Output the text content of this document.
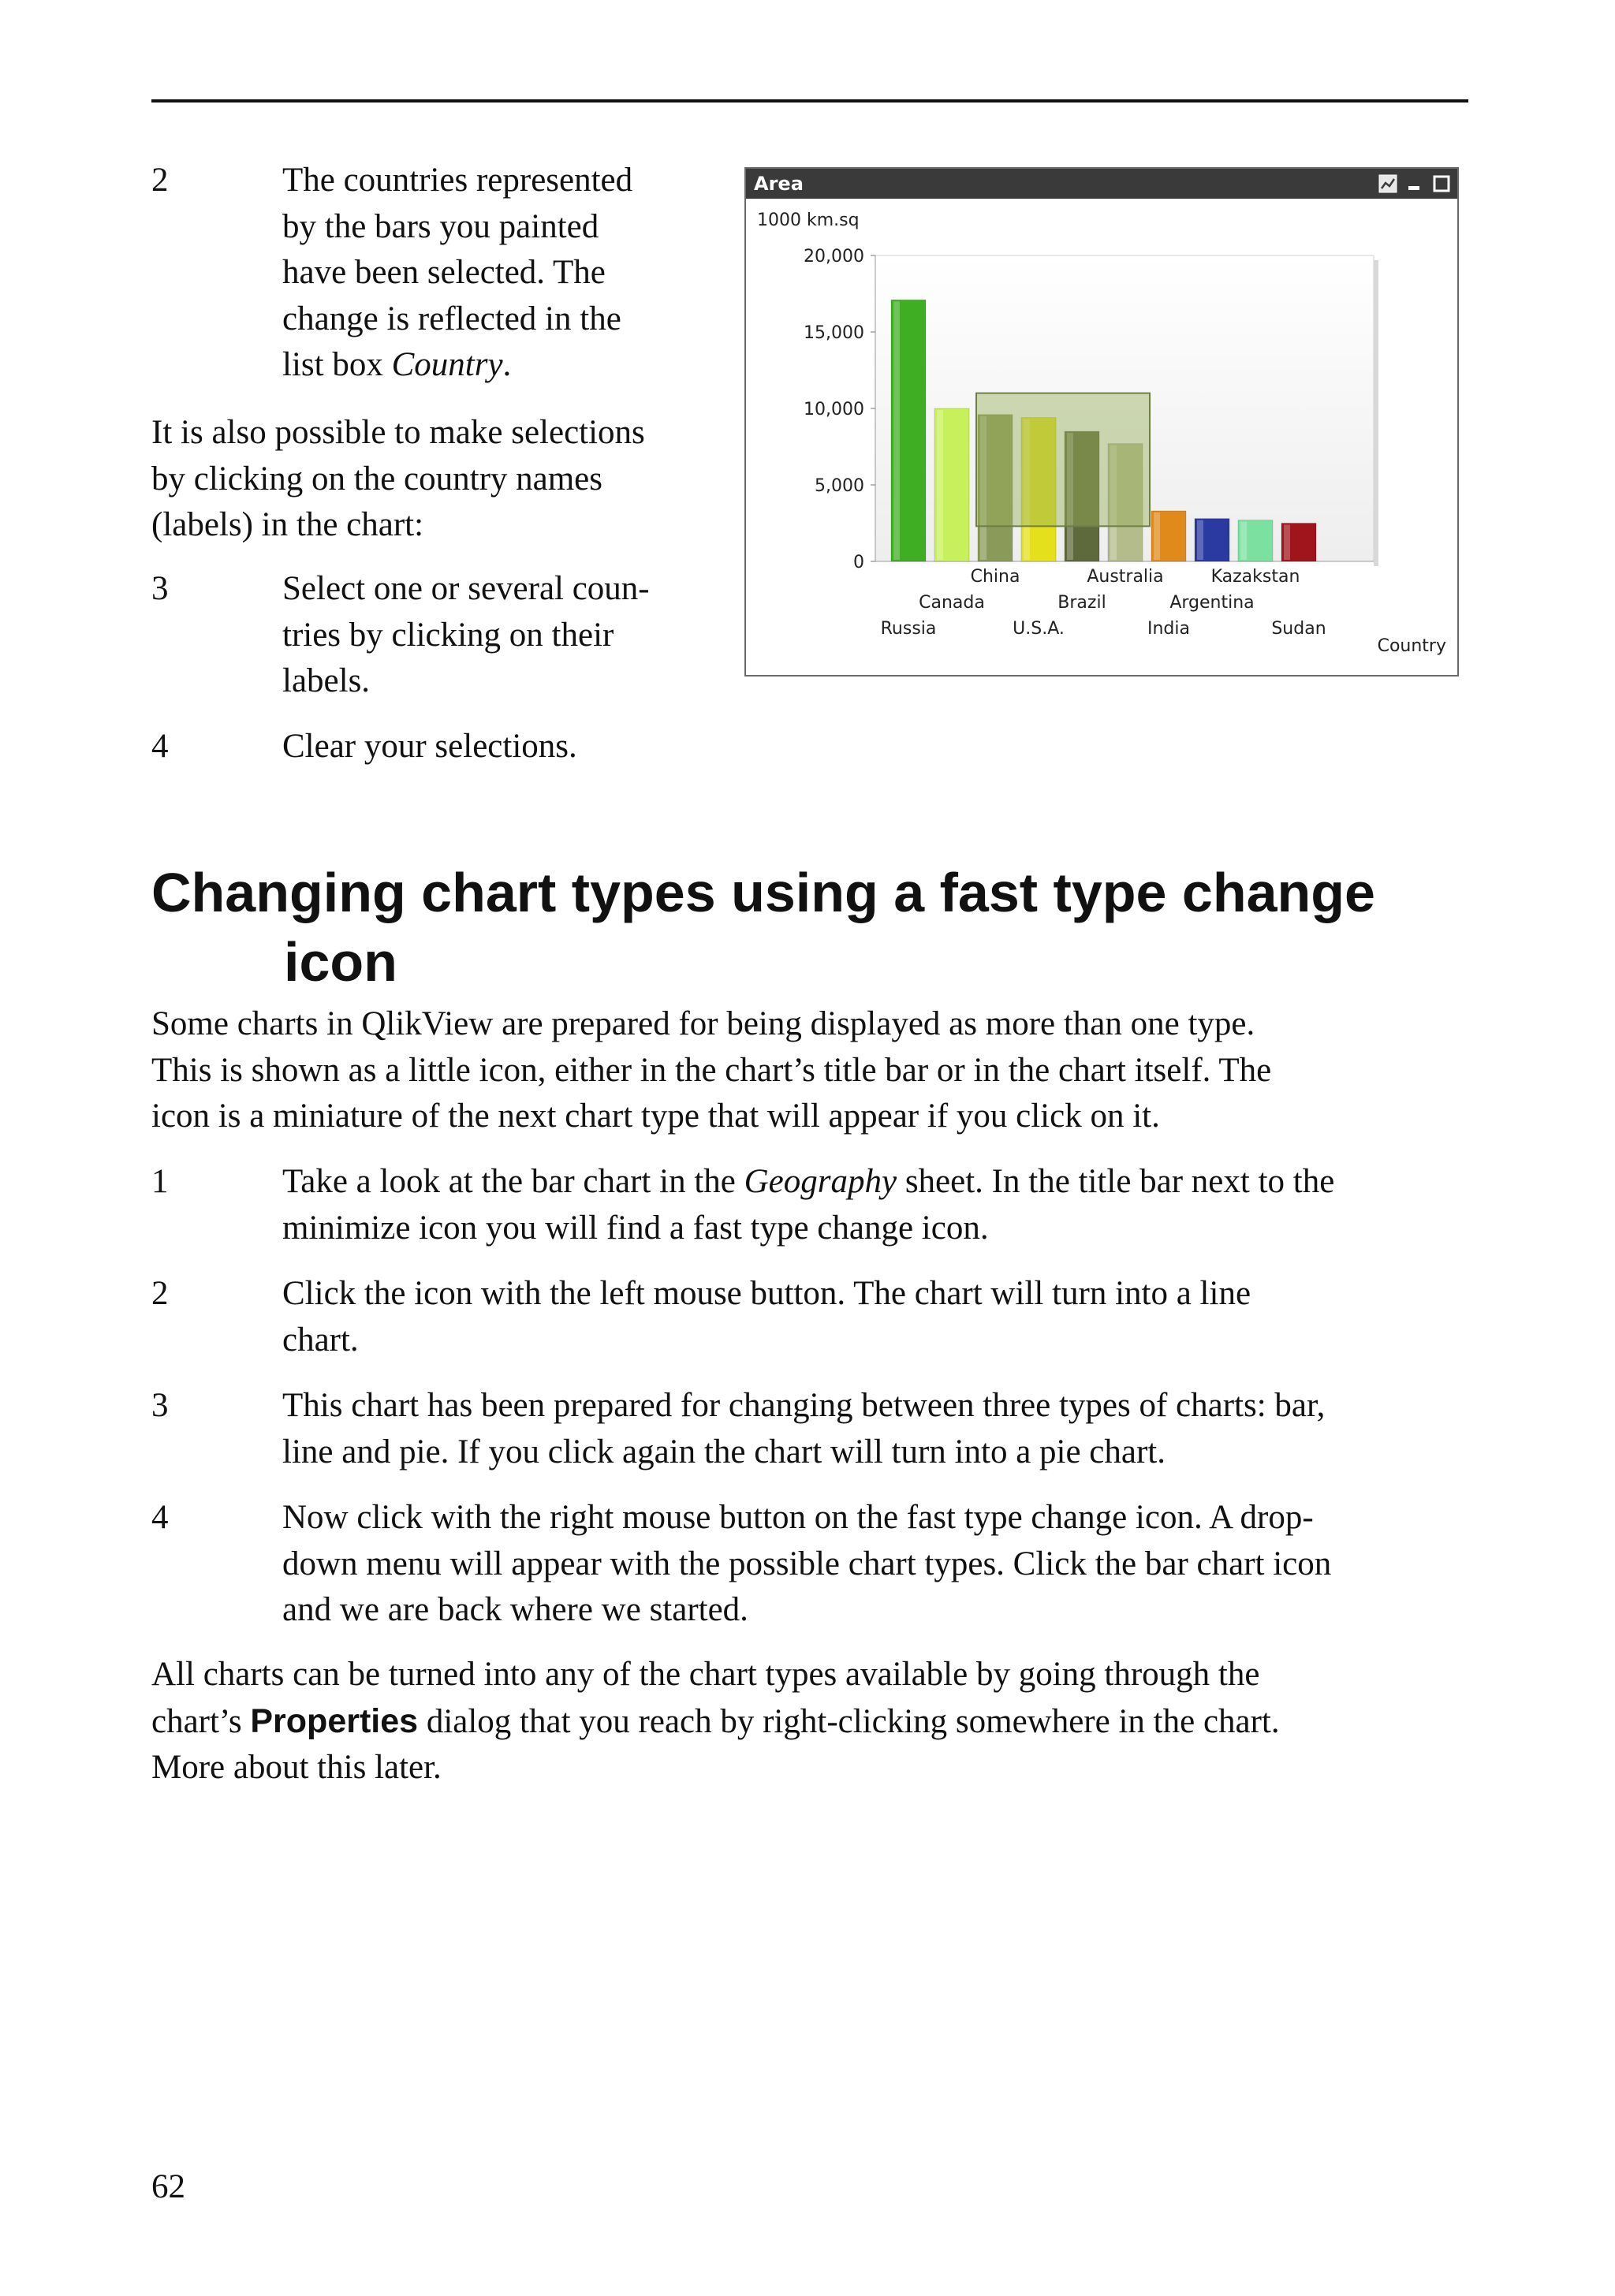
2	The countries represented
by the bars you painted
have been selected. The
change is reflected in the
list box Country.
It is also possible to make selections
by clicking on the country names
(labels) in the chart:
3	Select one or several coun-
tries by clicking on their
labels.
4	Clear your selections.
Area
1000 km.sq
0
5,000
10,000
15,000
20,000
Russia
Canada
China
U.S.A.
Brazil
Australia
India
Argentina
Kazakstan
Sudan
Country
Changing chart types using a fast type change
icon
Some charts in QlikView are prepared for being displayed as more than one type.
This is shown as a little icon, either in the chart’s title bar or in the chart itself. The
icon is a miniature of the next chart type that will appear if you click on it.
1	Take a look at the bar chart in the Geography sheet. In the title bar next to the
minimize icon you will find a fast type change icon.
2	Click the icon with the left mouse button. The chart will turn into a line
chart.
3	This chart has been prepared for changing between three types of charts: bar,
line and pie. If you click again the chart will turn into a pie chart.
4	Now click with the right mouse button on the fast type change icon. A drop-
down menu will appear with the possible chart types. Click the bar chart icon
and we are back where we started.
All charts can be turned into any of the chart types available by going through the
chart’s Properties dialog that you reach by right-clicking somewhere in the chart.
More about this later.
62
